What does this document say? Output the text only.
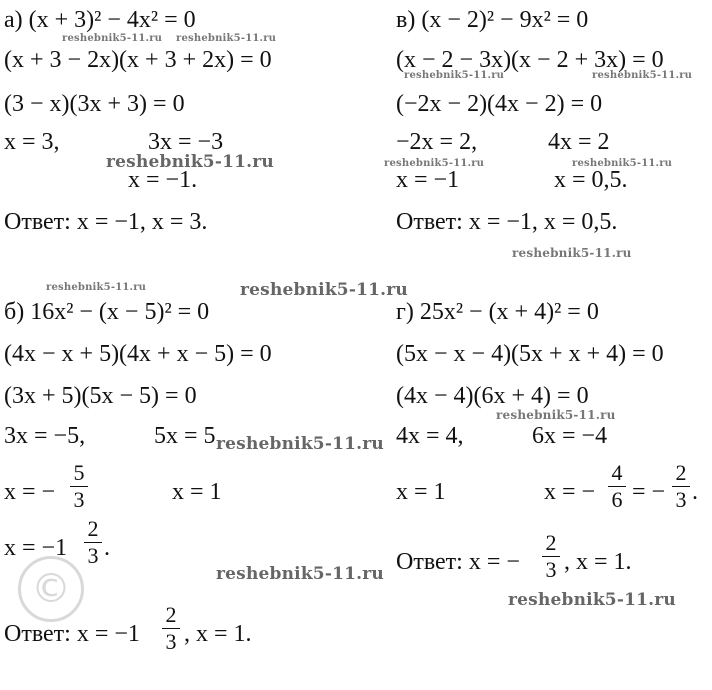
а) (x + 3)² − 4x² = 0
(x + 3 − 2x)(x + 3 + 2x) = 0
(3 − x)(3x + 3) = 0
x = 3,	3x = −3
x = −1.
Ответ: x = −1, x = 3.
в) (x − 2)² − 9x² = 0
(x − 2 − 3x)(x − 2 + 3x) = 0
(−2x − 2)(4x − 2) = 0
−2x = 2,	4x = 2
x = −1	x = 0,5.
Ответ: x = −1, x = 0,5.
б) 16x² − (x − 5)² = 0
(4x − x + 5)(4x + x − 5) = 0
(3x + 5)(5x − 5) = 0
3x = −5,	5x = 5
x = −
5
3	x = 1
x = −1
2
3 .
Ответ: x = −1
2
3 , x = 1.
г) 25x² − (x + 4)² = 0
(5x − x − 4)(5x + x + 4) = 0
(4x − 4)(6x + 4) = 0
4x = 4,	6x = −4
x = 1	x = −
4
6 = −
2
3 .
Ответ: x = −
2
3 , x = 1.
reshebnik5-11.ru reshebnik5-11.ru
reshebnik5-11.ru	reshebnik5-11.ru
reshebnik5-11.ru	reshebnik5-11.ru	reshebnik5-11.ru
reshebnik5-11.ru
reshebnik5-11.ru	reshebnik5-11.ru
reshebnik5-11.ru
reshebnik5-11.ru
reshebnik5-11.ru
reshebnik5-11.ru
©
